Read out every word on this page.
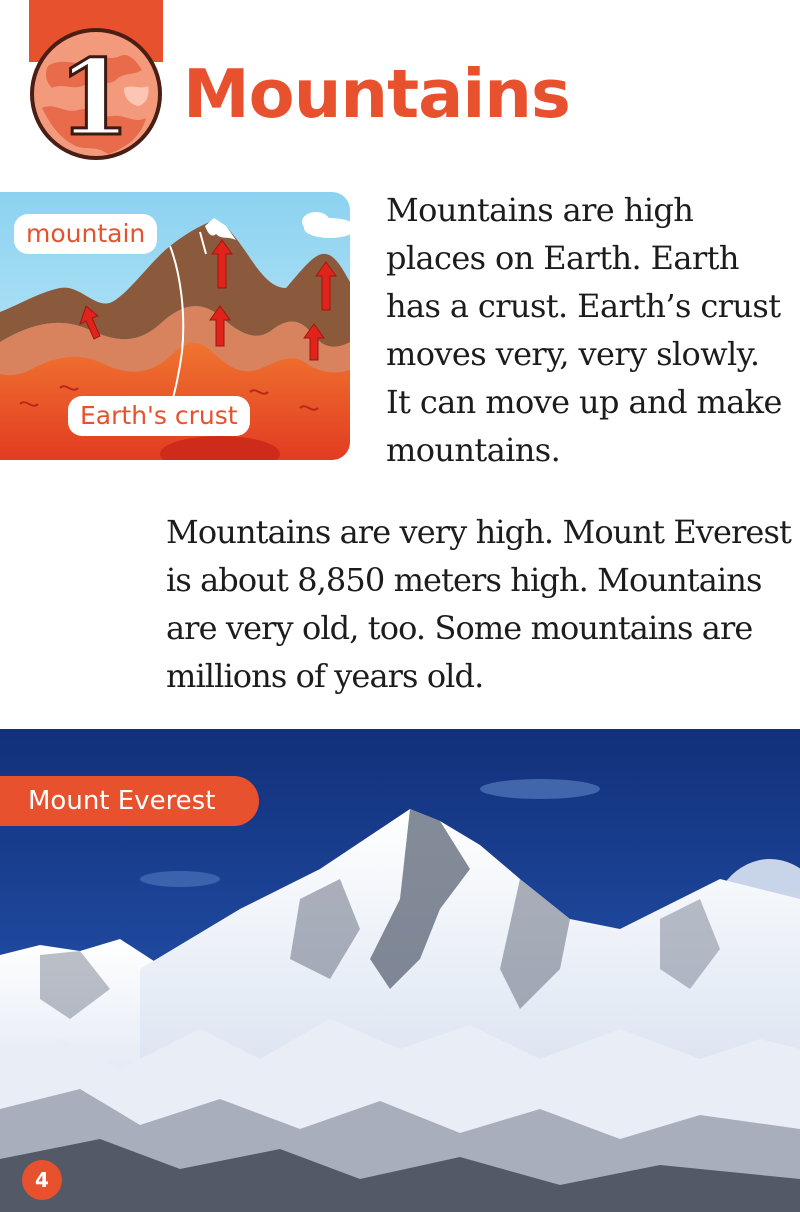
1 Mountains
mountain
Earth's crust

Mountains are high places on Earth. Earth has a crust. Earth’s crust moves very, very slowly. It can move up and make mountains.

Mountains are very high. Mount Everest is about 8,850 meters high. Mountains are very old, too. Some mountains are millions of years old.

Mount Everest
4
